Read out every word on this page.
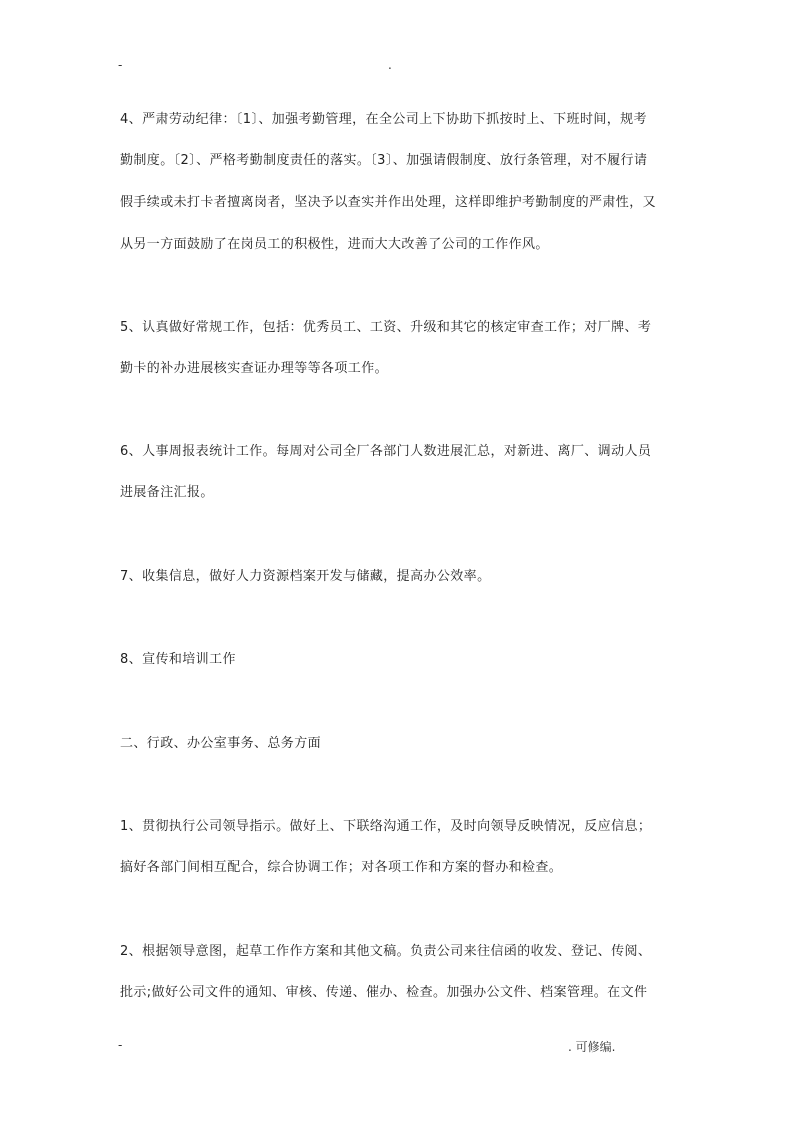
-	.
4、严肃劳动纪律：〔1〕、加强考勤管理，在全公司上下协助下抓按时上、下班时间，规考
勤制度。〔2〕、严格考勤制度责任的落实。〔3〕、加强请假制度、放行条管理，对不履行请
假手续或未打卡者擅离岗者，坚决予以查实并作出处理，这样即维护考勤制度的严肃性，又
从另一方面鼓励了在岗员工的积极性，进而大大改善了公司的工作作风。
5、认真做好常规工作，包括：优秀员工、工资、升级和其它的核定审查工作；对厂牌、考
勤卡的补办进展核实查证办理等等各项工作。
6、人事周报表统计工作。每周对公司全厂各部门人数进展汇总，对新进、离厂、调动人员
进展备注汇报。
7、收集信息，做好人力资源档案开发与储藏，提高办公效率。
8、宣传和培训工作
二、行政、办公室事务、总务方面
1、贯彻执行公司领导指示。做好上、下联络沟通工作，及时向领导反映情况，反应信息；
搞好各部门间相互配合，综合协调工作；对各项工作和方案的督办和检查。
2、根据领导意图，起草工作作方案和其他文稿。负责公司来往信函的收发、登记、传阅、
批示;做好公司文件的通知、审核、传递、催办、检查。加强办公文件、档案管理。在文件
-	. 可修编.
